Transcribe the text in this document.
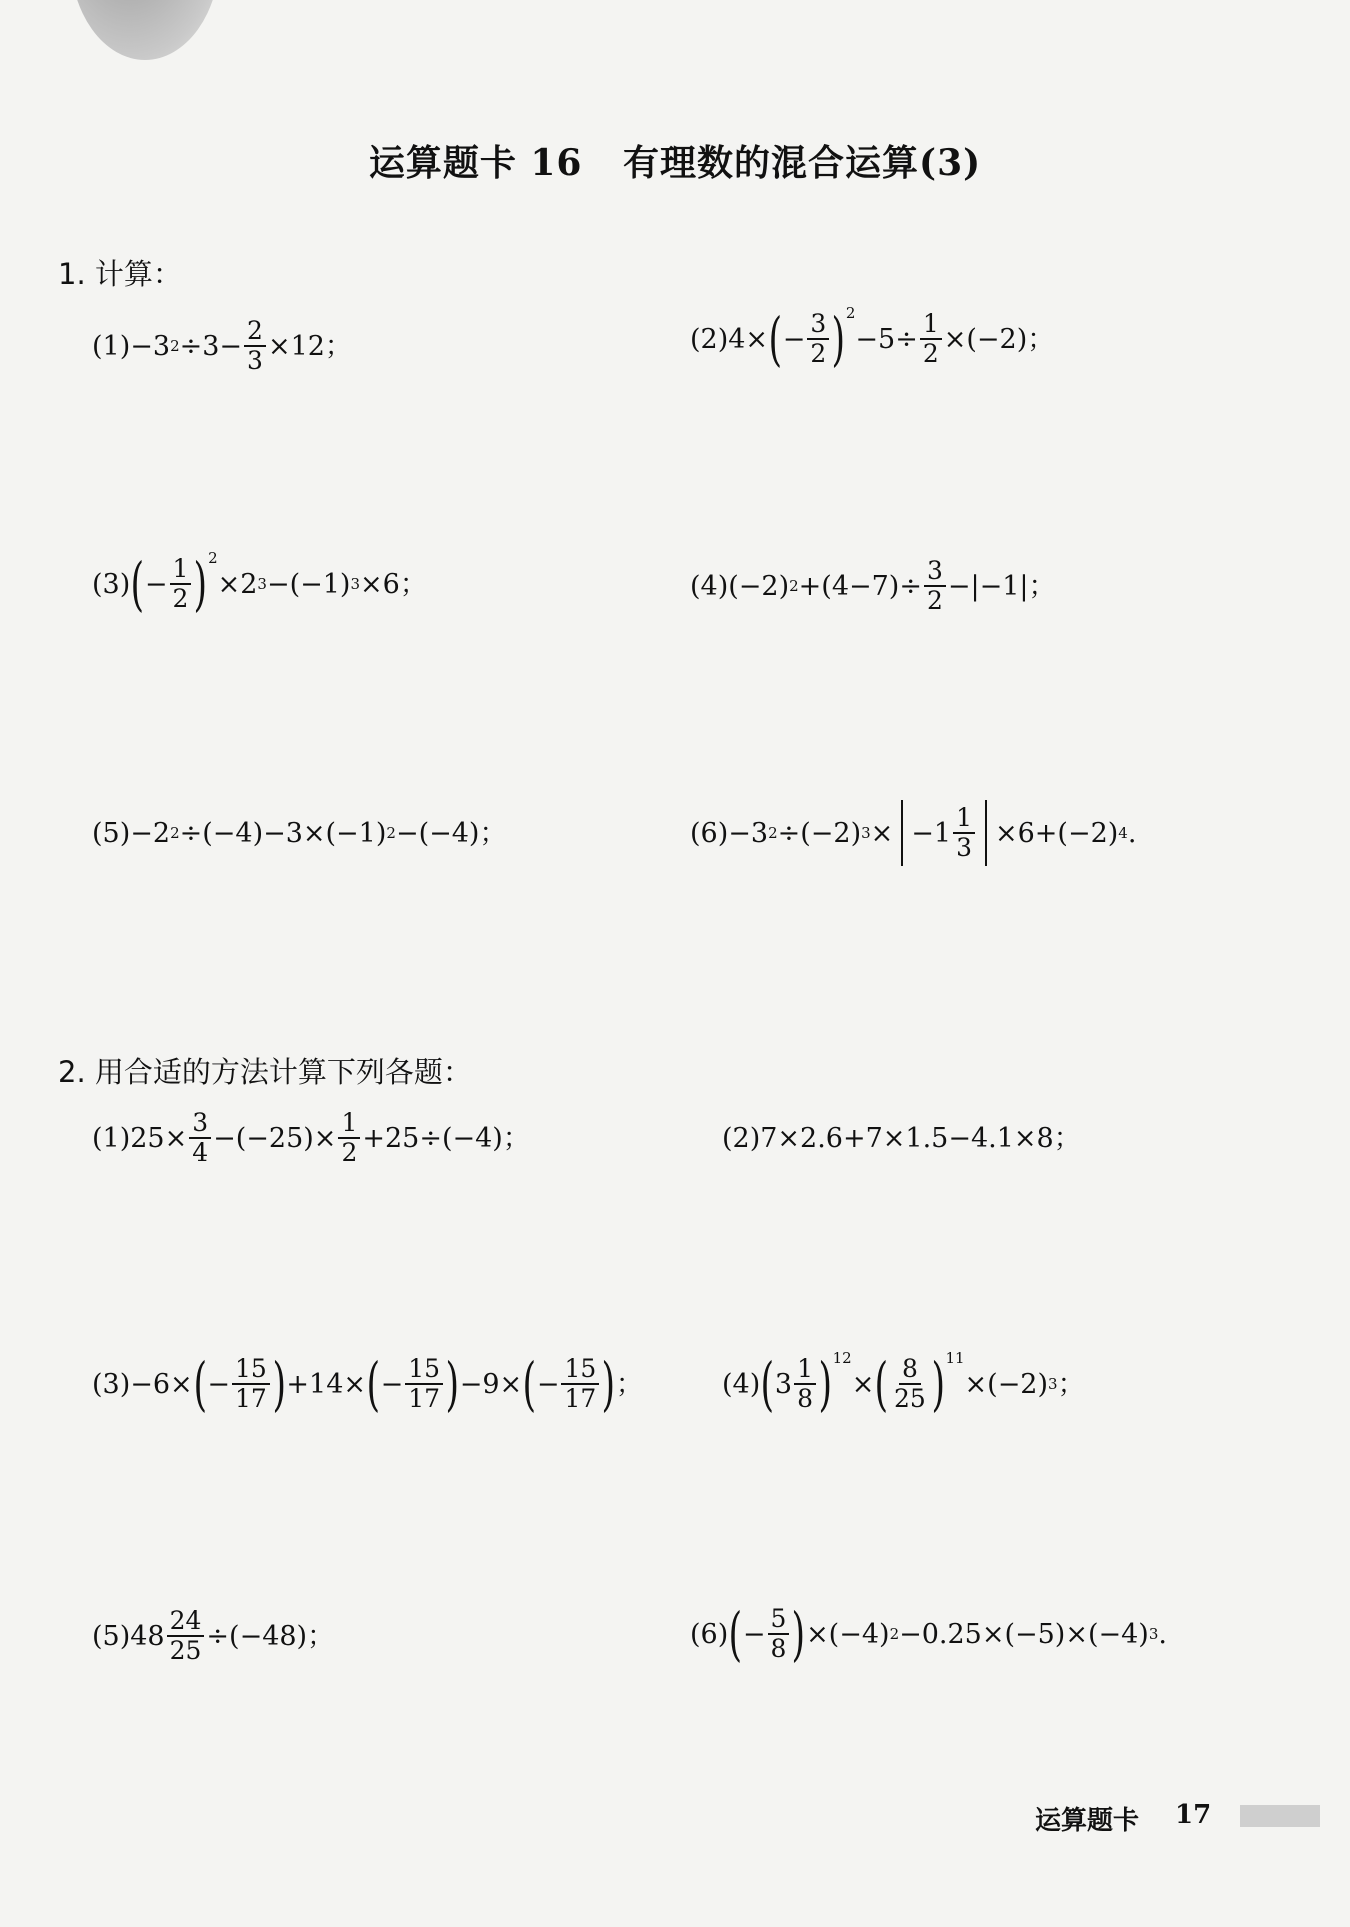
运算题卡 16   有理数的混合运算(3)
1. 计算：
(1) −3 $2 \div 3- \frac{2}{3} \times 12$；	(2) 4× ( − $\frac{3}{2}$ ) 2
$-5\div \frac{1}{2} \times(-2)$；
(3) ( − $\frac{1}{2}$ ) 2
×2 3 −(−1) 3 ×6；	(4) (−2) $2 +(4-7)\div \frac{3}{2} -|-1|$；
(5) −2 2 ÷(−4)−3×(−1) 2 −(−4)；	(6) −3 2 ÷(−2) $3 \times -1 \frac{1}{3} \times 6+(-2)$ 4 .
2. 用合适的方法计算下列各题：
(1) $25\times \frac{3}{4} -(-25)\times \frac{1}{2} +25\div(-4)$；	(2)7×2.6+7×1.5−4.1×8；
(3) −6× ( − $\frac{15}{17}$ ) +14× ( − $\frac{15}{17}$ ) −9× ( − $\frac{15}{17}$ ) ；	(4) ( $3 \frac{1}{8}$ ) 12
× ( $\frac{8}{25}$ ) 11
×(−2) 3 ；
(5) $48 \frac{24}{25} \div(-48)$；	(6) ( − $\frac{5}{8}$ ) ×(−4) 2 −0.25×(−5)×(−4) 3 .
运算题卡 17
